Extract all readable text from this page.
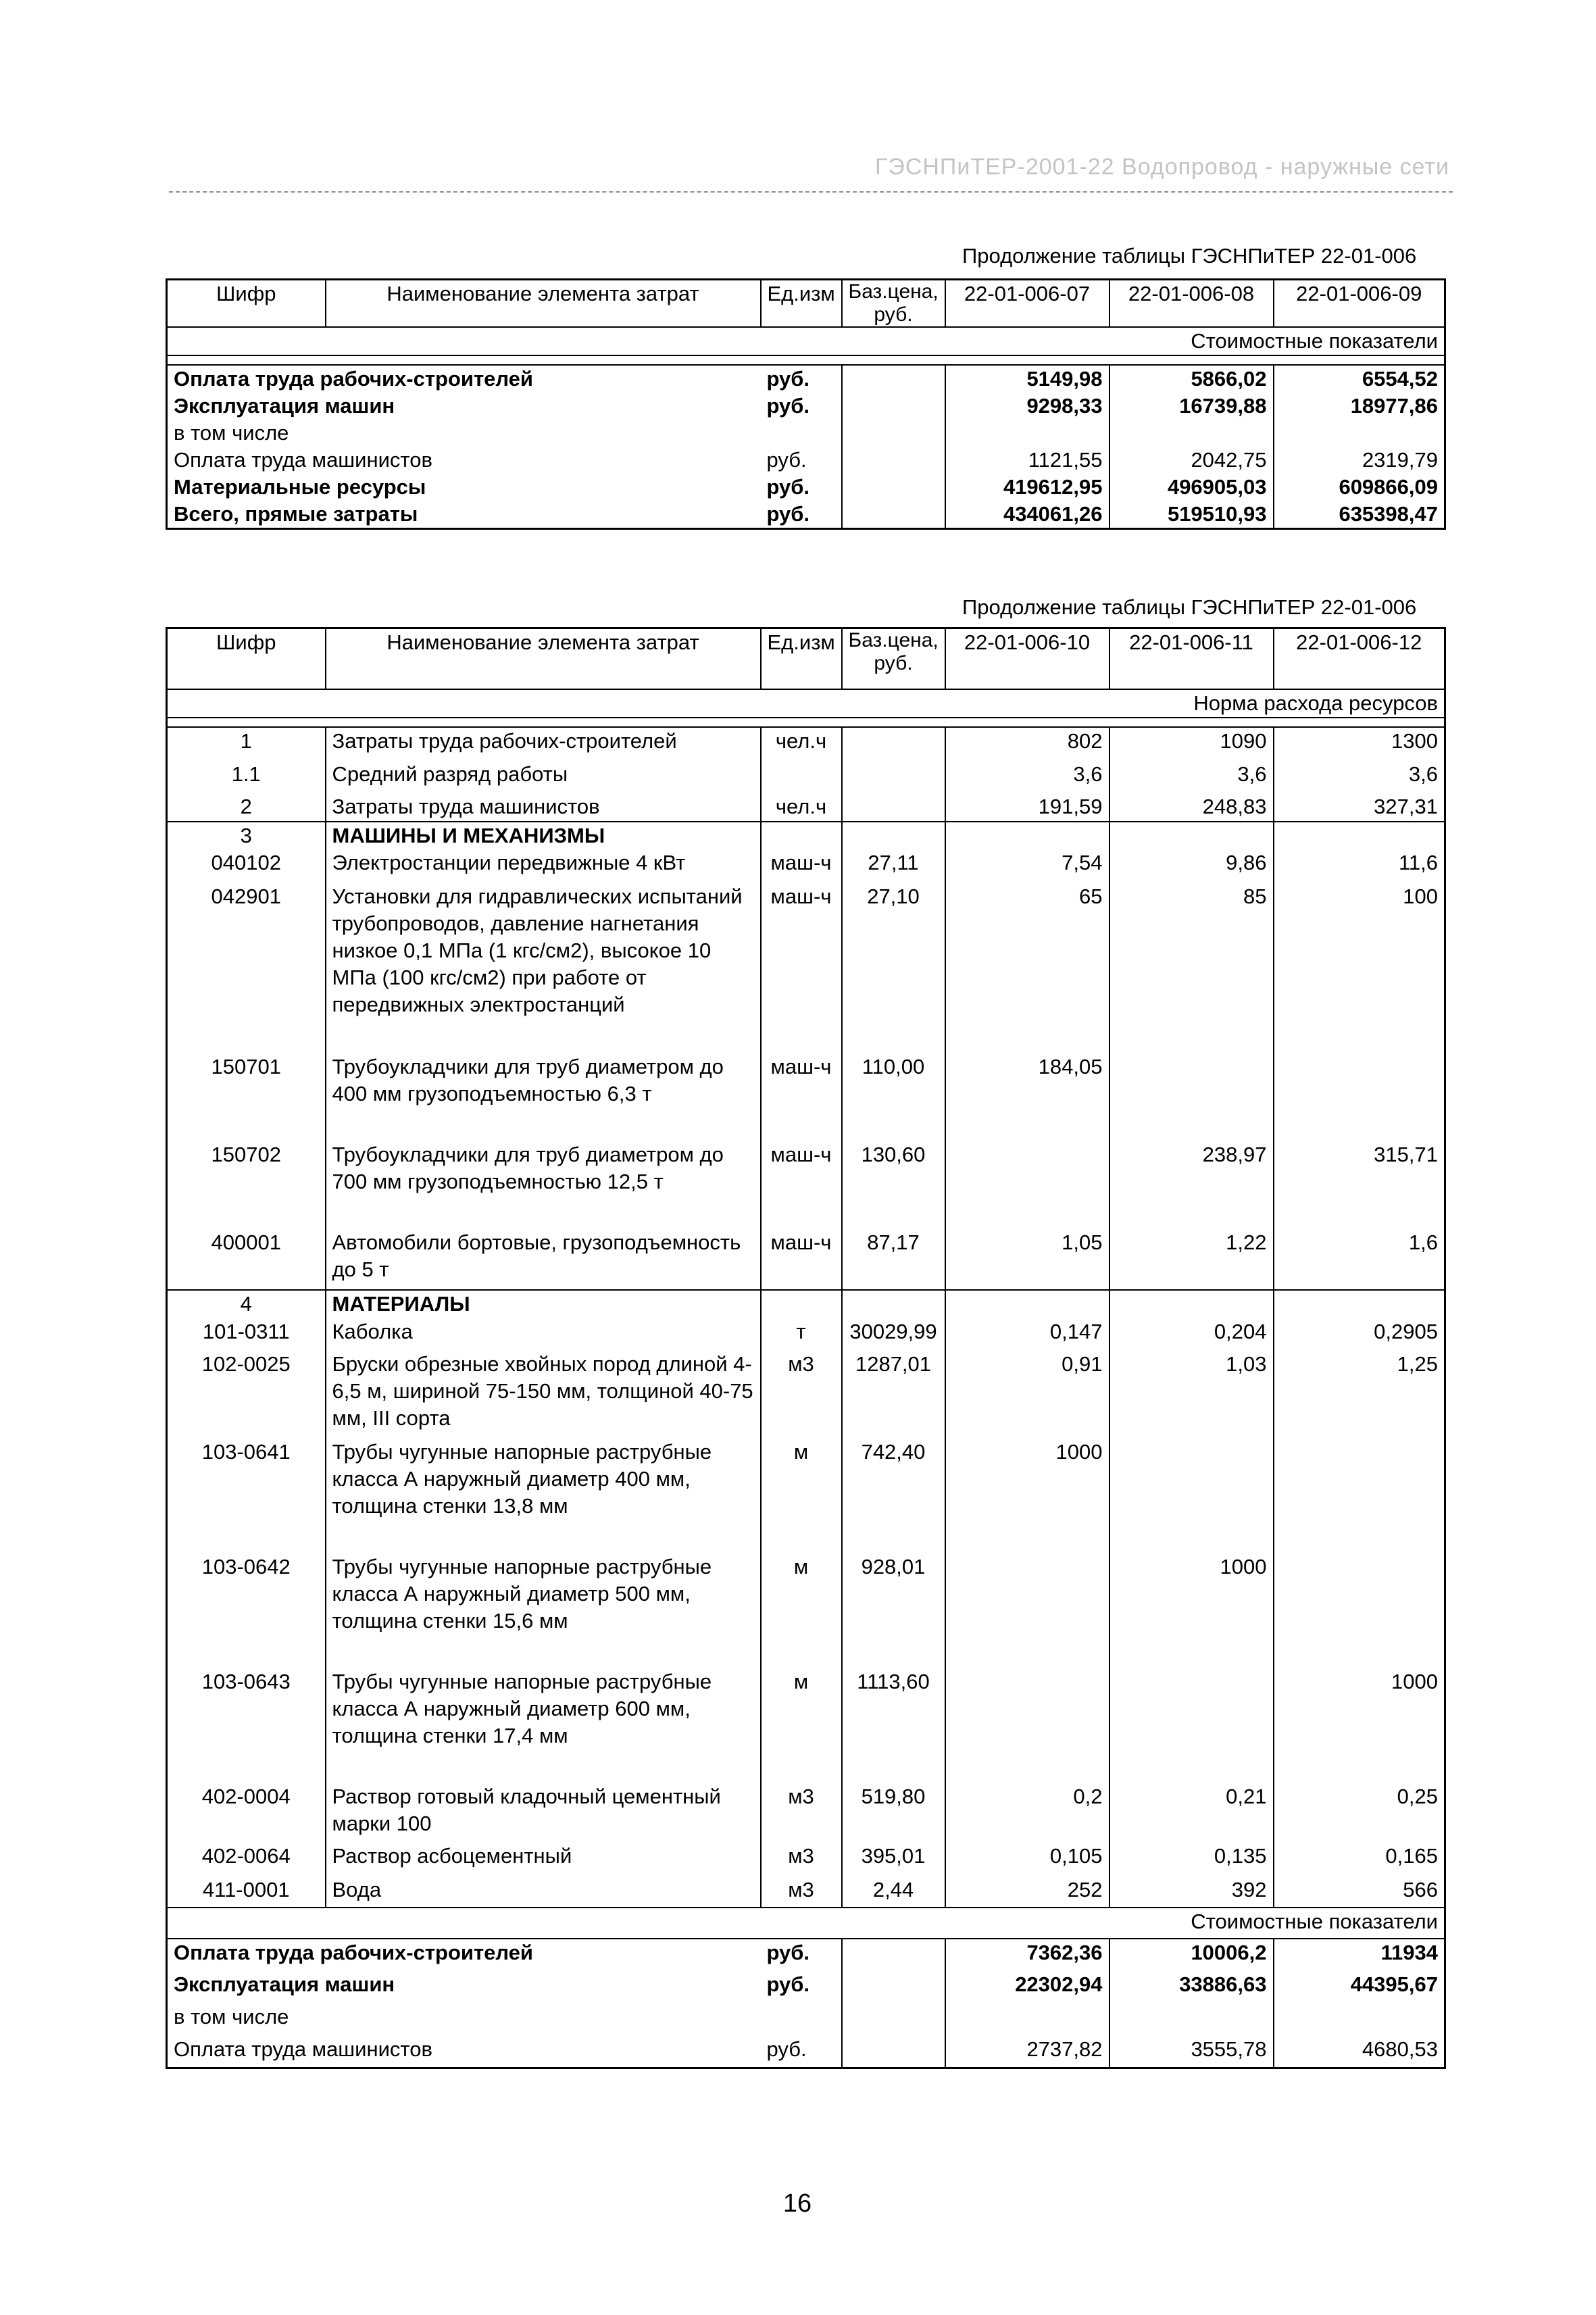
ГЭСНПиТЕР-2001-22 Водопровод - наружные сети
Продолжение таблицы ГЭСНПиТЕР 22-01-006
Шифр	Наименование элемента затрат	Ед.изм	Баз.цена, руб.	22-01-006-07	22-01-006-08	22-01-006-09
Стоимостные показатели						

Оплата труда рабочих-строителей		руб.		5149,98	5866,02	6554,52
Эксплуатация машин		руб.		9298,33	16739,88	18977,86
в том числе						
Оплата труда машинистов		руб.		1121,55	2042,75	2319,79
Материальные ресурсы		руб.		419612,95	496905,03	609866,09
Всего, прямые затраты		руб.		434061,26	519510,93	635398,47
Продолжение таблицы ГЭСНПиТЕР 22-01-006
Шифр	Наименование элемента затрат	Ед.изм	Баз.цена, руб.	22-01-006-10	22-01-006-11	22-01-006-12
Норма расхода ресурсов						

1	Затраты труда рабочих-строителей	чел.ч		802	1090	1300
1.1	Средний разряд работы			3,6	3,6	3,6
2	Затраты труда машинистов	чел.ч		191,59	248,83	327,31
3	МАШИНЫ И МЕХАНИЗМЫ					
040102	Электростанции передвижные 4 кВт	маш-ч	27,11	7,54	9,86	11,6
042901	Установки для гидравлических испытаний трубопроводов, давление нагнетания низкое 0,1 МПа (1 кгс/см2), высокое 10 МПа (100 кгс/см2) при работе от передвижных электростанций	маш-ч	27,10	65	85	100
150701	Трубоукладчики для труб диаметром до 400 мм грузоподъемностью 6,3 т	маш-ч	110,00	184,05		
150702	Трубоукладчики для труб диаметром до 700 мм грузоподъемностью 12,5 т	маш-ч	130,60		238,97	315,71
400001	Автомобили бортовые, грузоподъемность до 5 т	маш-ч	87,17	1,05	1,22	1,6
4	МАТЕРИАЛЫ					
101-0311	Каболка	т	30029,99	0,147	0,204	0,2905
102-0025	Бруски обрезные хвойных пород длиной 4-6,5 м, шириной 75-150 мм, толщиной 40-75 мм, III сорта	м3	1287,01	0,91	1,03	1,25
103-0641	Трубы чугунные напорные раструбные класса А наружный диаметр 400 мм, толщина стенки 13,8 мм	м	742,40	1000		
103-0642	Трубы чугунные напорные раструбные класса А наружный диаметр 500 мм, толщина стенки 15,6 мм	м	928,01		1000	
103-0643	Трубы чугунные напорные раструбные класса А наружный диаметр 600 мм, толщина стенки 17,4 мм	м	1113,60			1000
402-0004	Раствор готовый кладочный цементный марки 100	м3	519,80	0,2	0,21	0,25
402-0064	Раствор асбоцементный	м3	395,01	0,105	0,135	0,165
411-0001	Вода	м3	2,44	252	392	566
Стоимостные показатели						
Оплата труда рабочих-строителей		руб.		7362,36	10006,2	11934
Эксплуатация машин		руб.		22302,94	33886,63	44395,67
в том числе						
Оплата труда машинистов		руб.		2737,82	3555,78	4680,53
16
